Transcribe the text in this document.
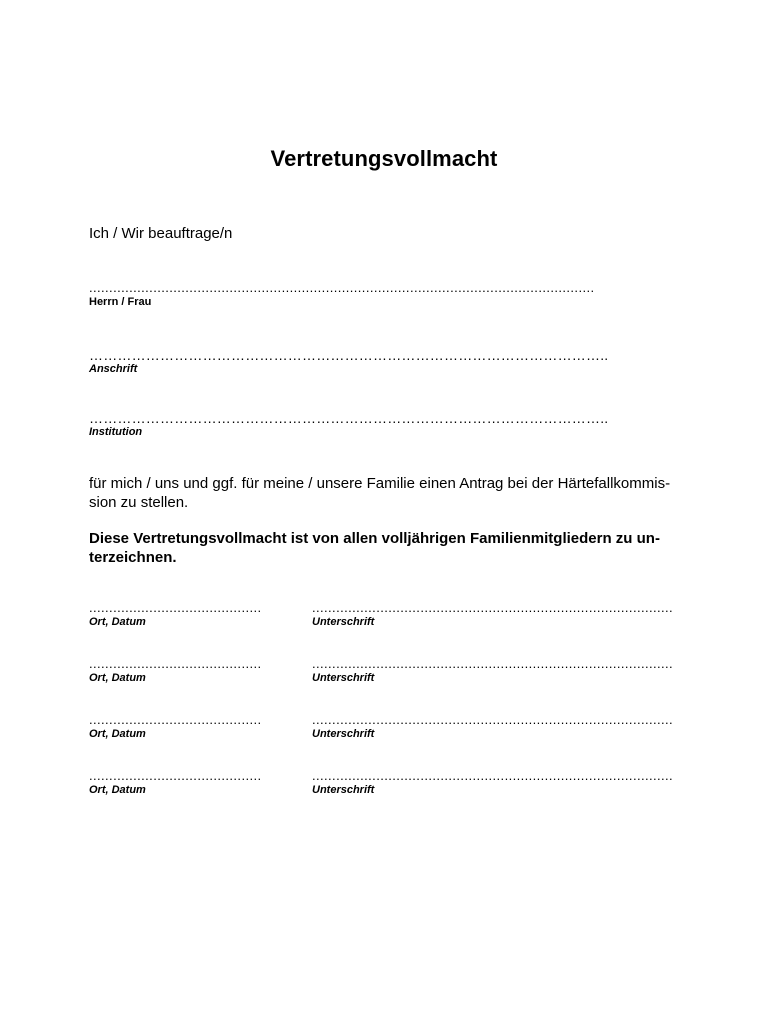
Vertretungsvollmacht
Ich / Wir beauftrage/n
..............................................................................................................................
Herrn / Frau
………………………………………………………………………………………………..
Anschrift
………………………………………………………………………………………………..
Institution
für mich / uns und ggf. für meine / unsere Familie einen Antrag bei der Härtefallkommis-
sion zu stellen.
Diese Vertretungsvollmacht ist von allen volljährigen Familienmitgliedern zu un-
terzeichnen.
...........................................
Ort, Datum
..........................................................................................
Unterschrift
...........................................
Ort, Datum
..........................................................................................
Unterschrift
...........................................
Ort, Datum
..........................................................................................
Unterschrift
...........................................
Ort, Datum
..........................................................................................
Unterschrift
